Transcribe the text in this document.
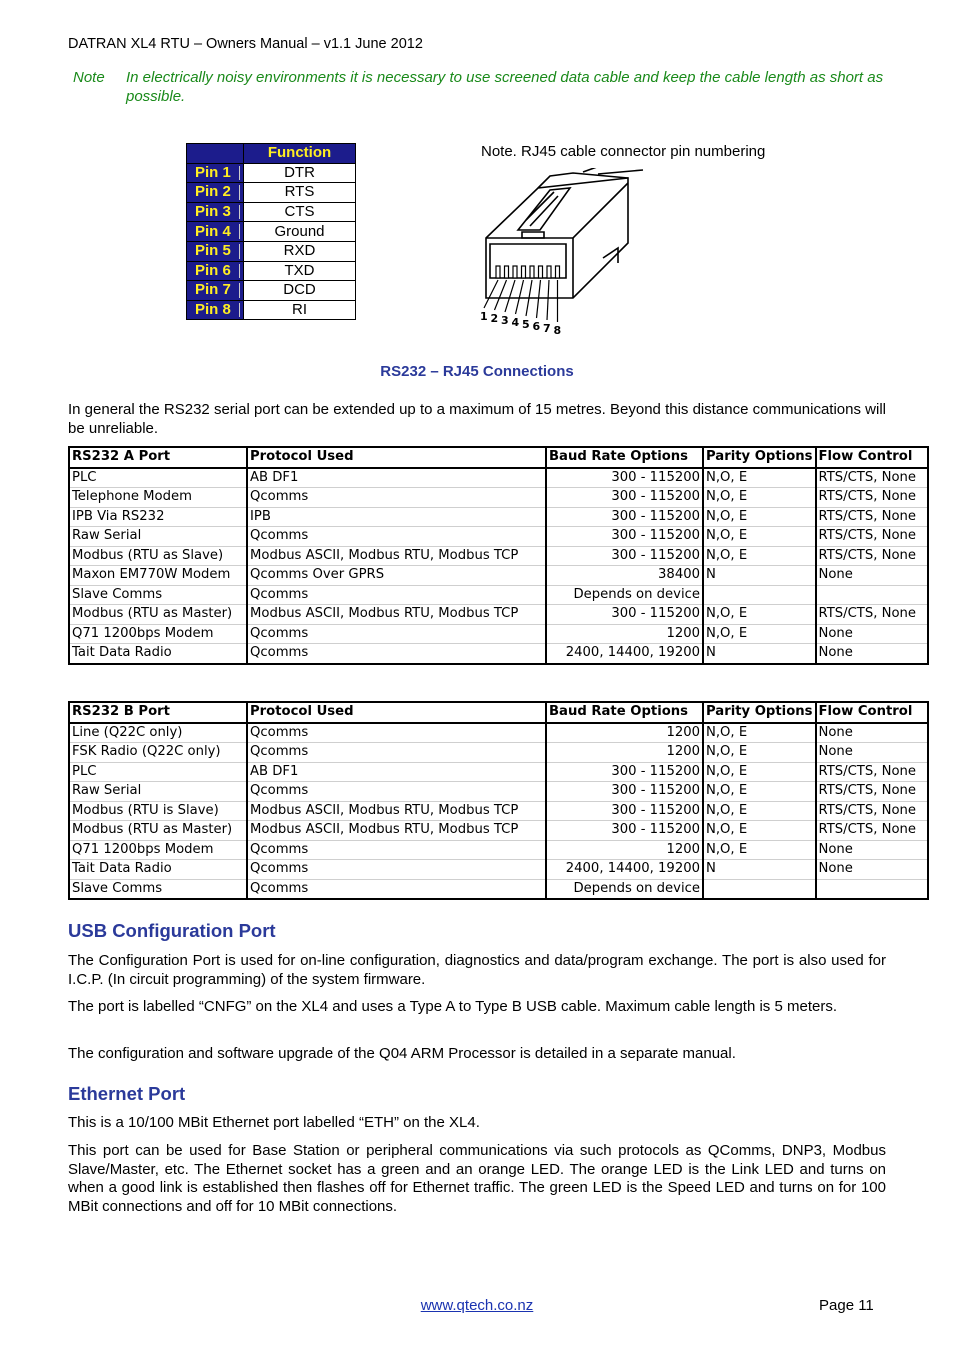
DATRAN XL4 RTU – Owners Manual – v1.1 June 2012
Note In electrically noisy environments it is necessary to use screened data cable and keep the cable length as short as possible.
	Function
Pin 1	DTR
Pin 2	RTS
Pin 3	CTS
Pin 4	Ground
Pin 5	RXD
Pin 6	TXD
Pin 7	DCD
Pin 8	RI
Note. RJ45 cable connector pin numbering
1 2 3 4 5 6 7 8
RS232 – RJ45 Connections
In general the RS232 serial port can be extended up to a maximum of 15 metres. Beyond this distance communications will be unreliable.
RS232 A Port	Protocol Used	Baud Rate Options	Parity Options	Flow Control
PLC	AB DF1	300 - 115200	N,O, E	RTS/CTS, None
Telephone Modem	Qcomms	300 - 115200	N,O, E	RTS/CTS, None
IPB Via RS232	IPB	300 - 115200	N,O, E	RTS/CTS, None
Raw Serial	Qcomms	300 - 115200	N,O, E	RTS/CTS, None
Modbus (RTU as Slave)	Modbus ASCII, Modbus RTU, Modbus TCP	300 - 115200	N,O, E	RTS/CTS, None
Maxon EM770W Modem	Qcomms Over GPRS	38400	N	None
Slave Comms	Qcomms	Depends on device		
Modbus (RTU as Master)	Modbus ASCII, Modbus RTU, Modbus TCP	300 - 115200	N,O, E	RTS/CTS, None
Q71 1200bps Modem	Qcomms	1200	N,O, E	None
Tait Data Radio	Qcomms	2400, 14400, 19200	N	None
RS232 B Port	Protocol Used	Baud Rate Options	Parity Options	Flow Control
Line (Q22C only)	Qcomms	1200	N,O, E	None
FSK Radio (Q22C only)	Qcomms	1200	N,O, E	None
PLC	AB DF1	300 - 115200	N,O, E	RTS/CTS, None
Raw Serial	Qcomms	300 - 115200	N,O, E	RTS/CTS, None
Modbus (RTU is Slave)	Modbus ASCII, Modbus RTU, Modbus TCP	300 - 115200	N,O, E	RTS/CTS, None
Modbus (RTU as Master)	Modbus ASCII, Modbus RTU, Modbus TCP	300 - 115200	N,O, E	RTS/CTS, None
Q71 1200bps Modem	Qcomms	1200	N,O, E	None
Tait Data Radio	Qcomms	2400, 14400, 19200	N	None
Slave Comms	Qcomms	Depends on device		
USB Configuration Port
The Configuration Port is used for on-line configuration, diagnostics and data/program exchange. The port is also used for I.C.P. (In circuit programming) of the system firmware.
The port is labelled “CNFG” on the XL4 and uses a Type A to Type B USB cable. Maximum cable length is 5 meters.
The configuration and software upgrade of the Q04 ARM Processor is detailed in a separate manual.
Ethernet Port
This is a 10/100 MBit Ethernet port labelled “ETH” on the XL4.
This port can be used for Base Station or peripheral communications via such protocols as QComms, DNP3, Modbus Slave/Master, etc. The Ethernet socket has a green and an orange LED. The orange LED is the Link LED and turns on when a good link is established then flashes off for Ethernet traffic. The green LED is the Speed LED and turns on for 100 MBit connections and off for 10 MBit connections.
www.qtech.co.nz	Page 11
